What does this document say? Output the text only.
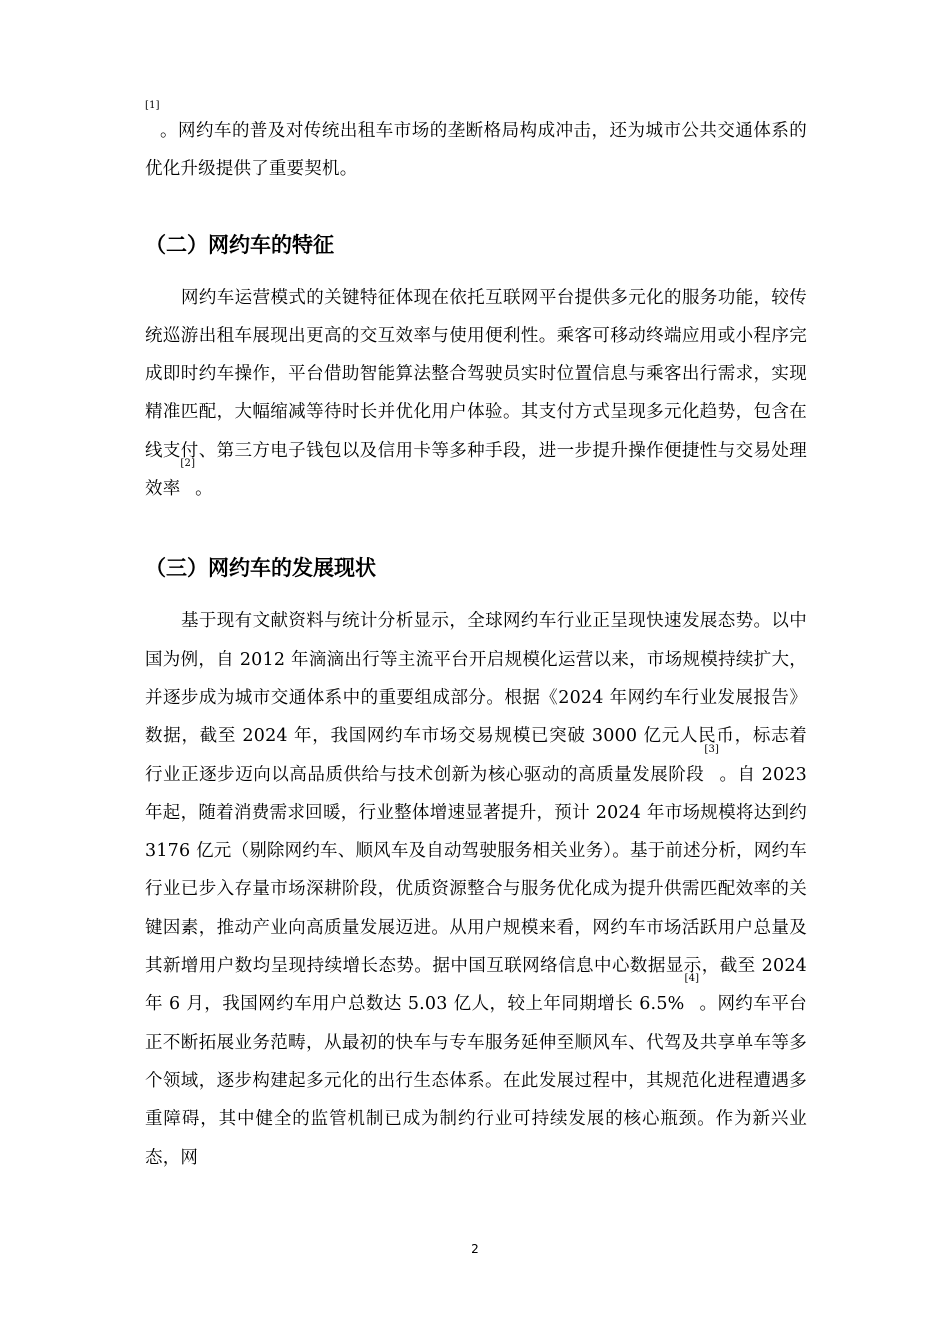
[1]。网约车的普及对传统出租车市场的垄断格局构成冲击，还为城市公共交通体系的优化升级提供了重要契机。

（二）网约车的特征

网约车运营模式的关键特征体现在依托互联网平台提供多元化的服务功能，较传统巡游出租车展现出更高的交互效率与使用便利性。乘客可移动终端应用或小程序完成即时约车操作，平台借助智能算法整合驾驶员实时位置信息与乘客出行需求，实现精准匹配，大幅缩减等待时长并优化用户体验。其支付方式呈现多元化趋势，包含在线支付、第三方电子钱包以及信用卡等多种手段，进一步提升操作便捷性与交易处理效率[2]。

（三）网约车的发展现状

基于现有文献资料与统计分析显示，全球网约车行业正呈现快速发展态势。以中国为例，自 2012 年滴滴出行等主流平台开启规模化运营以来，市场规模持续扩大，并逐步成为城市交通体系中的重要组成部分。根据《2024 年网约车行业发展报告》数据，截至 2024 年，我国网约车市场交易规模已突破 3000 亿元人民币，标志着行业正逐步迈向以高品质供给与技术创新为核心驱动的高质量发展阶段[3]。自 2023 年起，随着消费需求回暖，行业整体增速显著提升，预计 2024 年市场规模将达到约 3176 亿元（剔除网约车、顺风车及自动驾驶服务相关业务）。基于前述分析，网约车行业已步入存量市场深耕阶段，优质资源整合与服务优化成为提升供需匹配效率的关键因素，推动产业向高质量发展迈进。从用户规模来看，网约车市场活跃用户总量及其新增用户数均呈现持续增长态势。据中国互联网络信息中心数据显示，截至 2024 年 6 月，我国网约车用户总数达 5.03 亿人，较上年同期增长 6.5%[4]。网约车平台正不断拓展业务范畴，从最初的快车与专车服务延伸至顺风车、代驾及共享单车等多个领域，逐步构建起多元化的出行生态体系。在此发展过程中，其规范化进程遭遇多重障碍，其中健全的监管机制已成为制约行业可持续发展的核心瓶颈。作为新兴业态，网

2
